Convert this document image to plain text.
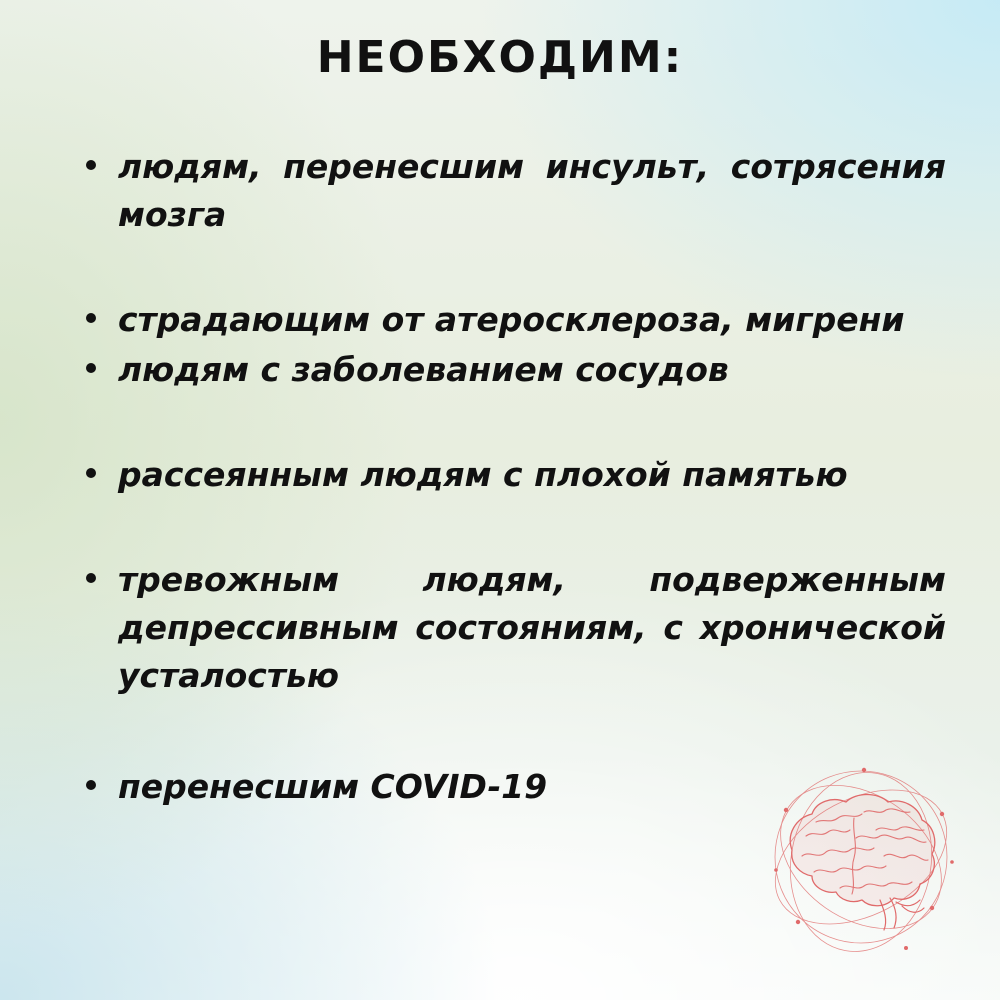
НЕОБХОДИМ:
людям, перенесшим инсульт, сотрясения мозга
страдающим от атеросклероза, мигрени
людям с заболеванием сосудов
рассеянным людям с плохой памятью
тревожным людям, подверженным депрессивным состояниям, с хронической усталостью
перенесшим COVID-19
